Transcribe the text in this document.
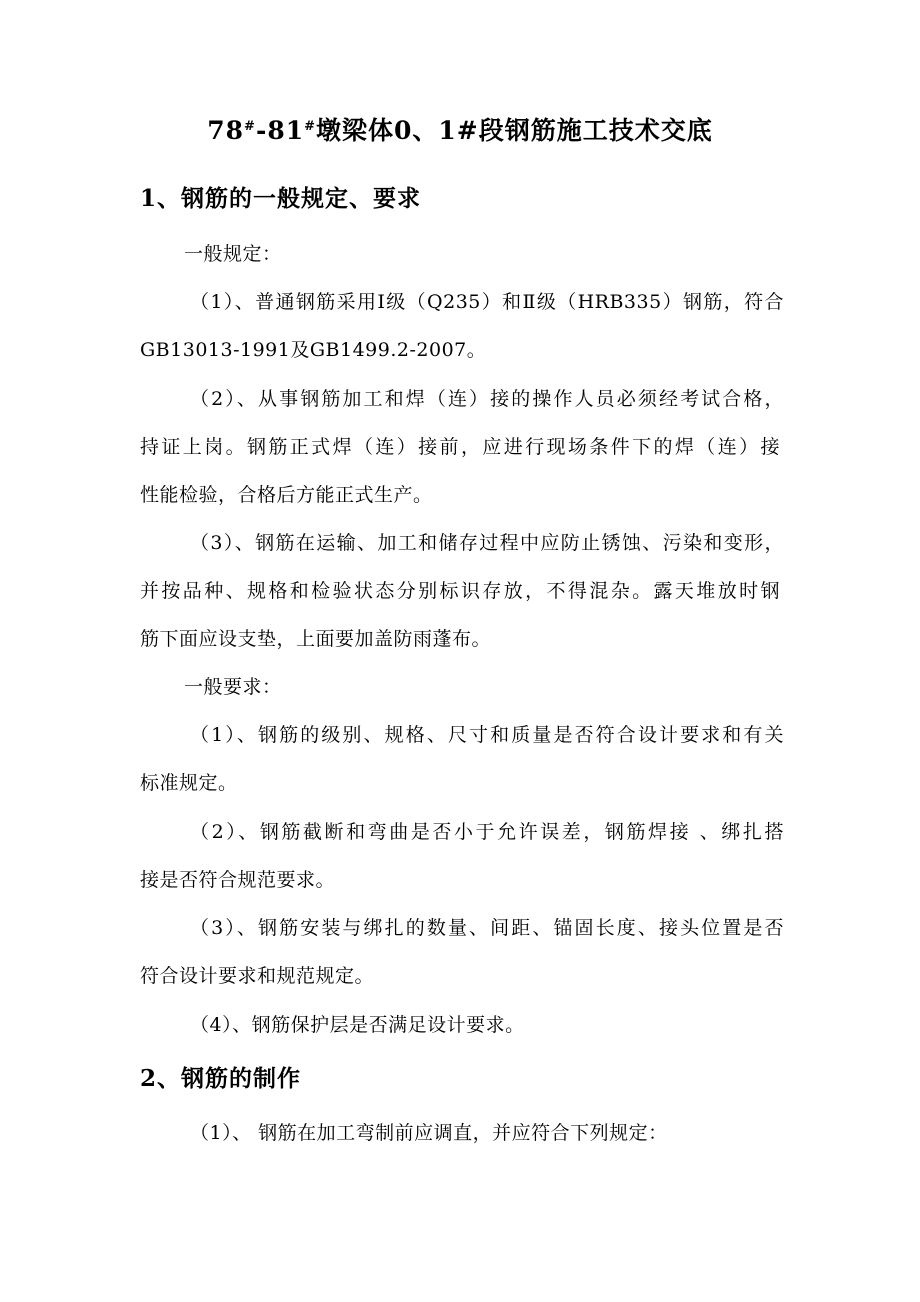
78#-81#墩梁体0、1#段钢筋施工技术交底
1、钢筋的一般规定、要求
一般规定：
（1）、普通钢筋采用Ⅰ级（Q235）和Ⅱ级（HRB335）钢筋，符合
GB13013-1991及GB1499.2-2007。
（2）、从事钢筋加工和焊（连）接的操作人员必须经考试合格，
持证上岗。钢筋正式焊（连）接前，应进行现场条件下的焊（连）接
性能检验，合格后方能正式生产。
（3）、钢筋在运输、加工和储存过程中应防止锈蚀、污染和变形，
并按品种、规格和检验状态分别标识存放，不得混杂。露天堆放时钢
筋下面应设支垫，上面要加盖防雨蓬布。
一般要求：
（1）、钢筋的级别、规格、尺寸和质量是否符合设计要求和有关
标准规定。
（2）、钢筋截断和弯曲是否小于允许误差，钢筋焊接 、绑扎搭
接是否符合规范要求。
（3）、钢筋安装与绑扎的数量、间距、锚固长度、接头位置是否
符合设计要求和规范规定。
（4）、钢筋保护层是否满足设计要求。
2、钢筋的制作
（1）、 钢筋在加工弯制前应调直，并应符合下列规定：
